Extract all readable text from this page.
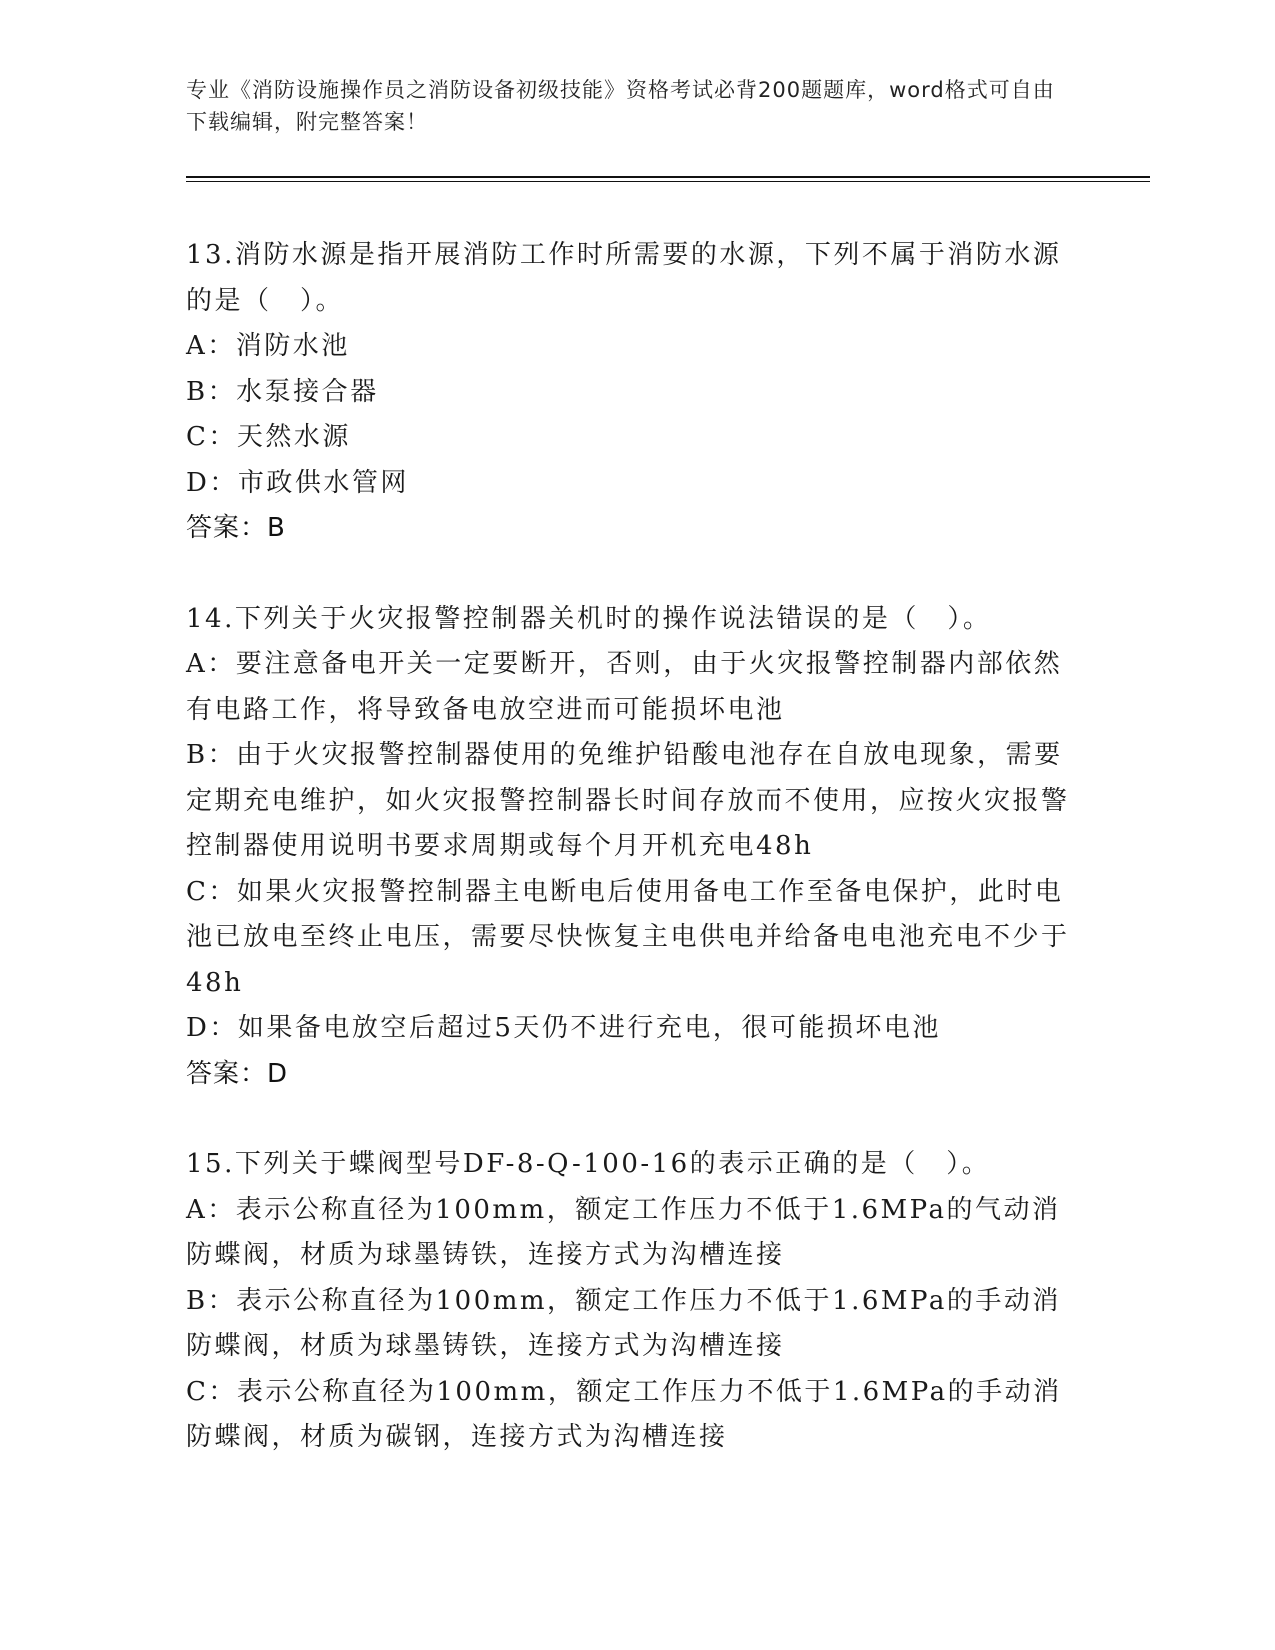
专业《消防设施操作员之消防设备初级技能》资格考试必背200题题库，word格式可自由下载编辑，附完整答案！

13.消防水源是指开展消防工作时所需要的水源，下列不属于消防水源的是（　）。

A：消防水池

B：水泵接合器

C：天然水源

D：市政供水管网

答案：B

14.下列关于火灾报警控制器关机时的操作说法错误的是（　）。

A：要注意备电开关一定要断开，否则，由于火灾报警控制器内部依然有电路工作，将导致备电放空进而可能损坏电池

B：由于火灾报警控制器使用的免维护铅酸电池存在自放电现象，需要定期充电维护，如火灾报警控制器长时间存放而不使用，应按火灾报警控制器使用说明书要求周期或每个月开机充电48h

C：如果火灾报警控制器主电断电后使用备电工作至备电保护，此时电池已放电至终止电压，需要尽快恢复主电供电并给备电电池充电不少于48h

D：如果备电放空后超过5天仍不进行充电，很可能损坏电池

答案：D

15.下列关于蝶阀型号DF-8-Q-100-16的表示正确的是（　）。

A：表示公称直径为100mm，额定工作压力不低于1.6MPa的气动消防蝶阀，材质为球墨铸铁，连接方式为沟槽连接

B：表示公称直径为100mm，额定工作压力不低于1.6MPa的手动消防蝶阀，材质为球墨铸铁，连接方式为沟槽连接

C：表示公称直径为100mm，额定工作压力不低于1.6MPa的手动消防蝶阀，材质为碳钢，连接方式为沟槽连接
